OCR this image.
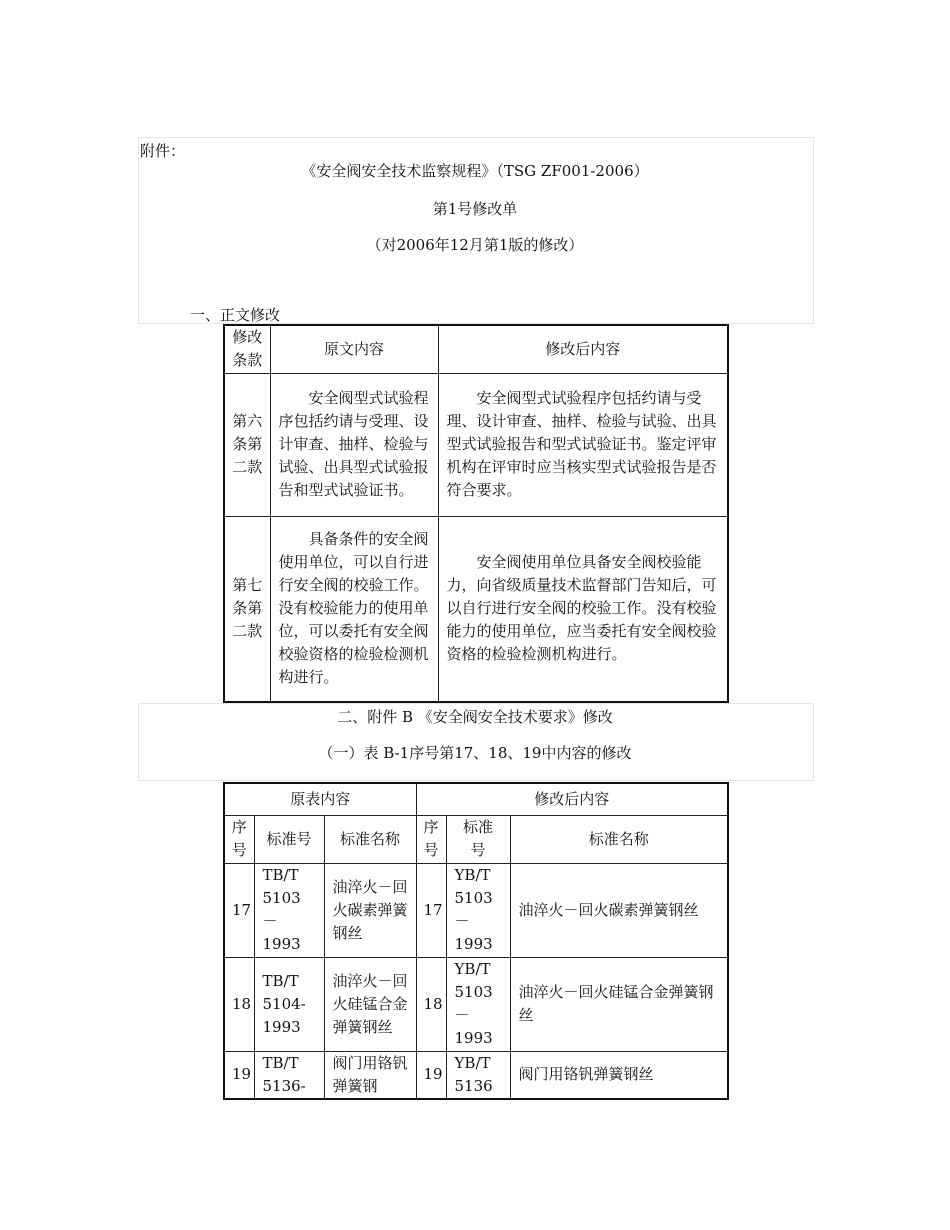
附件：
《安全阀安全技术监察规程》（TSG ZF001-2006）
第1号修改单
（对2006年12月第1版的修改）
一、正文修改
修改条款	原文内容	修改后内容
第六条第二款	安全阀型式试验程序包括约请与受理、设计审查、抽样、检验与试验、出具型式试验报告和型式试验证书。	安全阀型式试验程序包括约请与受理、设计审查、抽样、检验与试验、出具型式试验报告和型式试验证书。鉴定评审机构在评审时应当核实型式试验报告是否符合要求。
第七条第二款	具备条件的安全阀使用单位，可以自行进行安全阀的校验工作。没有校验能力的使用单位，可以委托有安全阀校验资格的检验检测机构进行。	安全阀使用单位具备安全阀校验能力，向省级质量技术监督部门告知后，可以自行进行安全阀的校验工作。没有校验能力的使用单位，应当委托有安全阀校验资格的检验检测机构进行。
二、附件 B 《安全阀安全技术要求》修改
（一）表 B-1序号第17、18、19中内容的修改
原表内容			修改后内容		
序号	标准号	标准名称	序号	标准号	标准名称
17	TB/T 5103－1993	油淬火－回火碳素弹簧钢丝	17	YB/T 5103－1993	油淬火－回火碳素弹簧钢丝
18	TB/T 5104-1993	油淬火－回火硅锰合金弹簧钢丝	18	YB/T 5103－1993	油淬火－回火硅锰合金弹簧钢丝
19	TB/T 5136-	阀门用铬钒弹簧钢	19	YB/T 5136	阀门用铬钒弹簧钢丝
